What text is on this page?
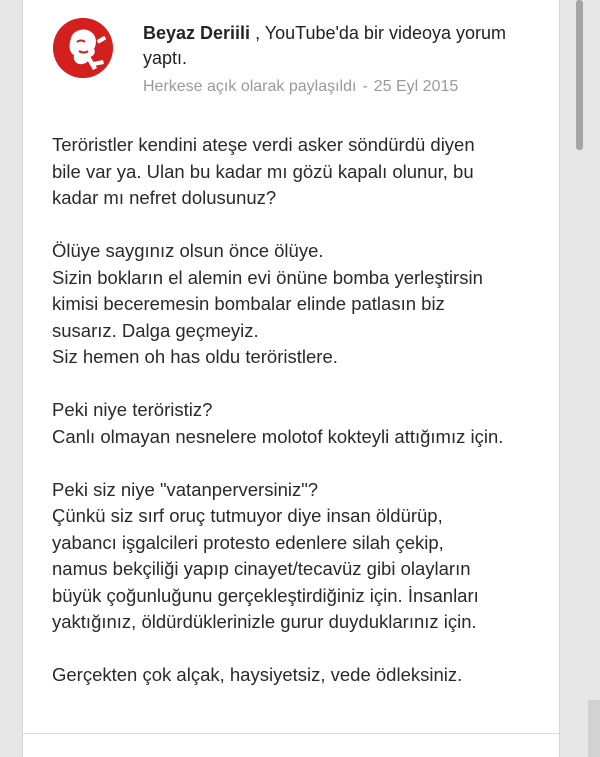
Beyaz Deriili , YouTube'da bir videoya yorum yaptı.
Herkese açık olarak paylaşıldı - 25 Eyl 2015
Teröristler kendini ateşe verdi asker söndürdü diyen
bile var ya. Ulan bu kadar mı gözü kapalı olunur, bu
kadar mı nefret dolusunuz?
Ölüye saygınız olsun önce ölüye.
Sizin bokların el alemin evi önüne bomba yerleştirsin
kimisi beceremesin bombalar elinde patlasın biz
susarız. Dalga geçmeyiz.
Siz hemen oh has oldu teröristlere.
Peki niye teröristiz?
Canlı olmayan nesnelere molotof kokteyli attığımız için.
Peki siz niye "vatanperversiniz"?
Çünkü siz sırf oruç tutmuyor diye insan öldürüp,
yabancı işgalcileri protesto edenlere silah çekip,
namus bekçiliği yapıp cinayet/tecavüz gibi olayların
büyük çoğunluğunu gerçekleştirdiğiniz için. İnsanları
yaktığınız, öldürdüklerinizle gurur duyduklarınız için.
Gerçekten çok alçak, haysiyetsiz, vede ödleksiniz.
